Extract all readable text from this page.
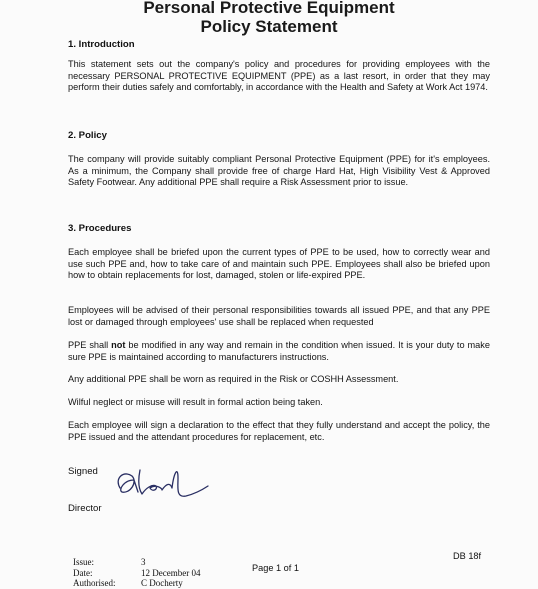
Personal Protective Equipment
Policy Statement
1. Introduction
This statement sets out the company's policy and procedures for providing employees with the necessary PERSONAL PROTECTIVE EQUIPMENT (PPE) as a last resort, in order that they may perform their duties safely and comfortably, in accordance with the Health and Safety at Work Act 1974.
2. Policy
The company will provide suitably compliant Personal Protective Equipment (PPE) for it's employees. As a minimum, the Company shall provide free of charge Hard Hat, High Visibility Vest & Approved Safety Footwear. Any additional PPE shall require a Risk Assessment prior to issue.
3. Procedures
Each employee shall be briefed upon the current types of PPE to be used, how to correctly wear and use such PPE and, how to take care of and maintain such PPE. Employees shall also be briefed upon how to obtain replacements for lost, damaged, stolen or life-expired PPE.
Employees will be advised of their personal responsibilities towards all issued PPE, and that any PPE lost or damaged through employees' use shall be replaced when requested
PPE shall not be modified in any way and remain in the condition when issued. It is your duty to make sure PPE is maintained according to manufacturers instructions.
Any additional PPE shall be worn as required in the Risk or COSHH Assessment.
Wilful neglect or misuse will result in formal action being taken.
Each employee will sign a declaration to the effect that they fully understand and accept the policy, the PPE issued and the attendant procedures for replacement, etc.
Signed
Director
Issue:	3
Date:	12 December 04
Authorised:	C Docherty
Page 1 of 1
DB 18f
